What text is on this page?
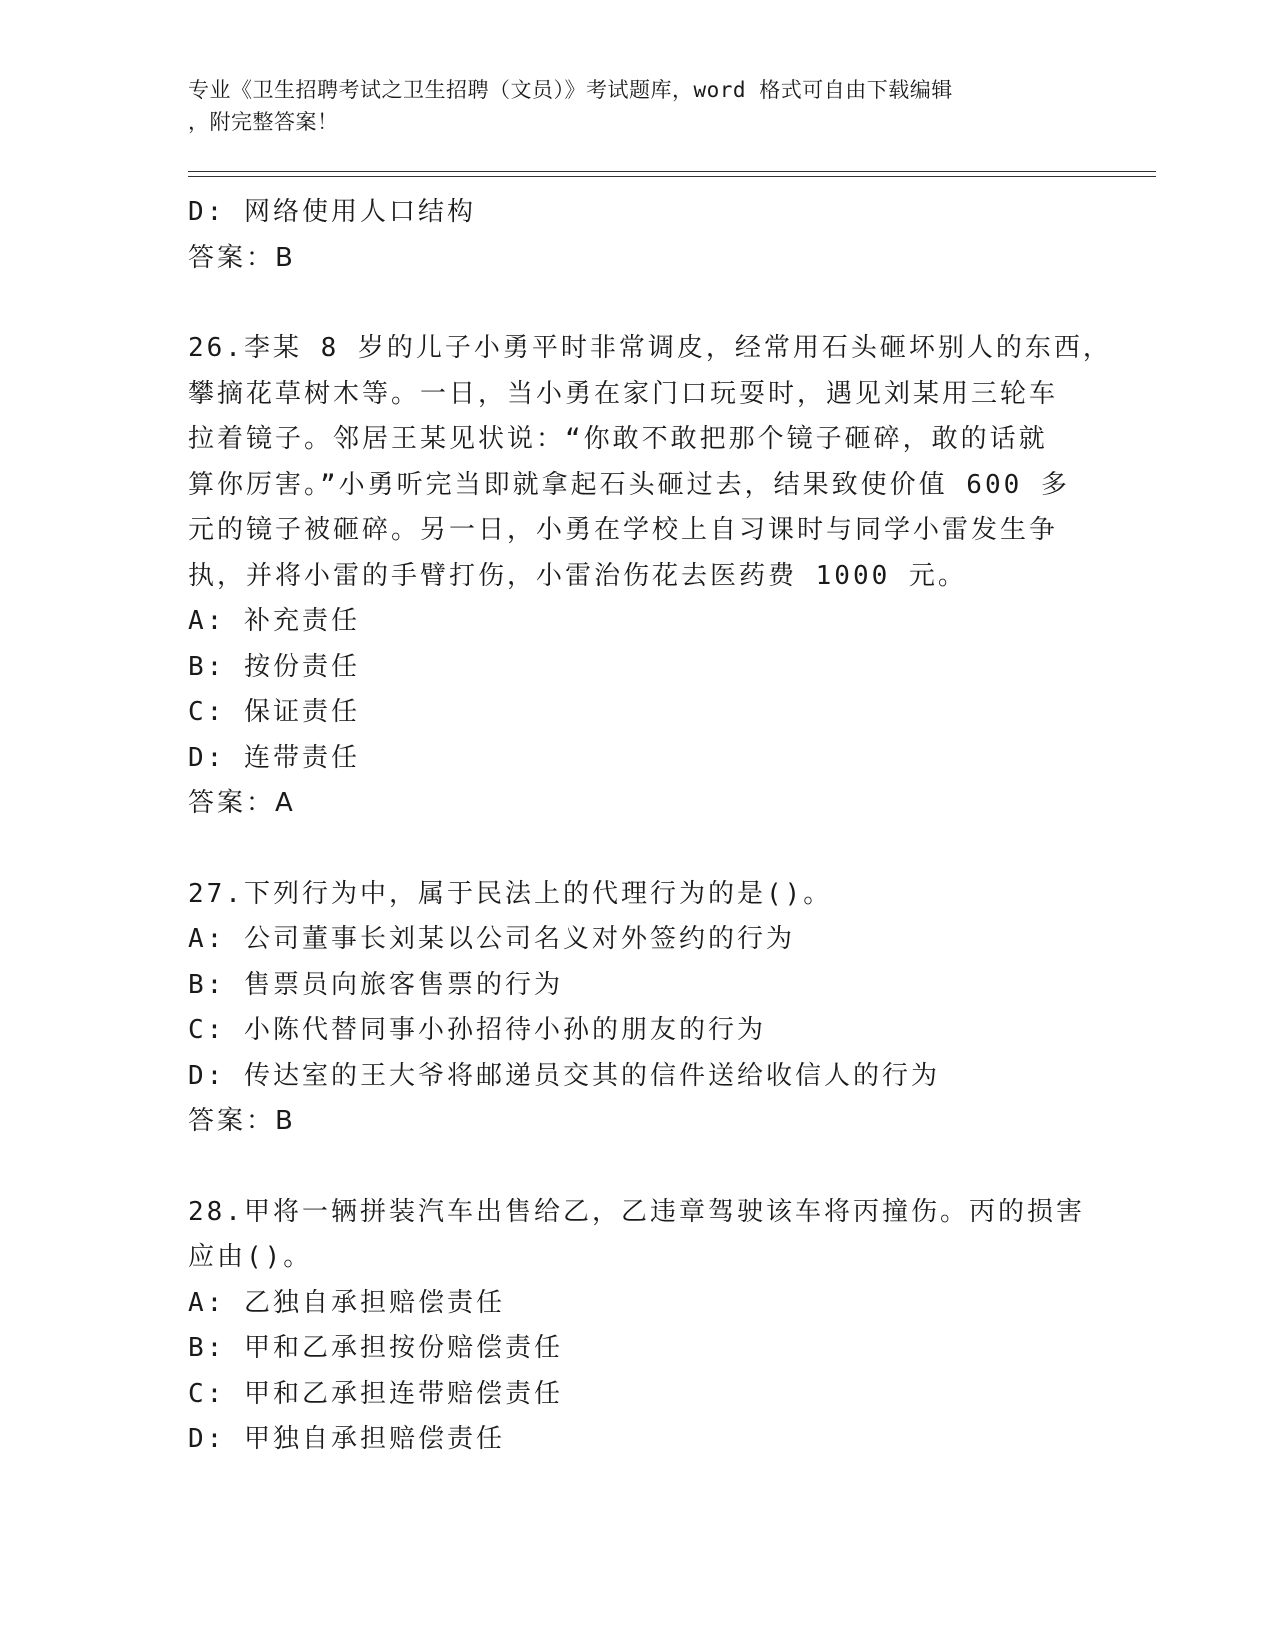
专业《卫生招聘考试之卫生招聘（文员）》考试题库，word 格式可自由下载编辑
，附完整答案！
D: 网络使用人口结构
答案：B
26.李某 8 岁的儿子小勇平时非常调皮，经常用石头砸坏别人的东西，
攀摘花草树木等。一日，当小勇在家门口玩耍时，遇见刘某用三轮车
拉着镜子。邻居王某见状说：“你敢不敢把那个镜子砸碎，敢的话就
算你厉害。”小勇听完当即就拿起石头砸过去，结果致使价值 600 多
元的镜子被砸碎。另一日，小勇在学校上自习课时与同学小雷发生争
执，并将小雷的手臂打伤，小雷治伤花去医药费 1000 元。
A: 补充责任
B: 按份责任
C: 保证责任
D: 连带责任
答案：A
27.下列行为中，属于民法上的代理行为的是()。
A: 公司董事长刘某以公司名义对外签约的行为
B: 售票员向旅客售票的行为
C: 小陈代替同事小孙招待小孙的朋友的行为
D: 传达室的王大爷将邮递员交其的信件送给收信人的行为
答案：B
28.甲将一辆拼装汽车出售给乙，乙违章驾驶该车将丙撞伤。丙的损害
应由()。
A: 乙独自承担赔偿责任
B: 甲和乙承担按份赔偿责任
C: 甲和乙承担连带赔偿责任
D: 甲独自承担赔偿责任
